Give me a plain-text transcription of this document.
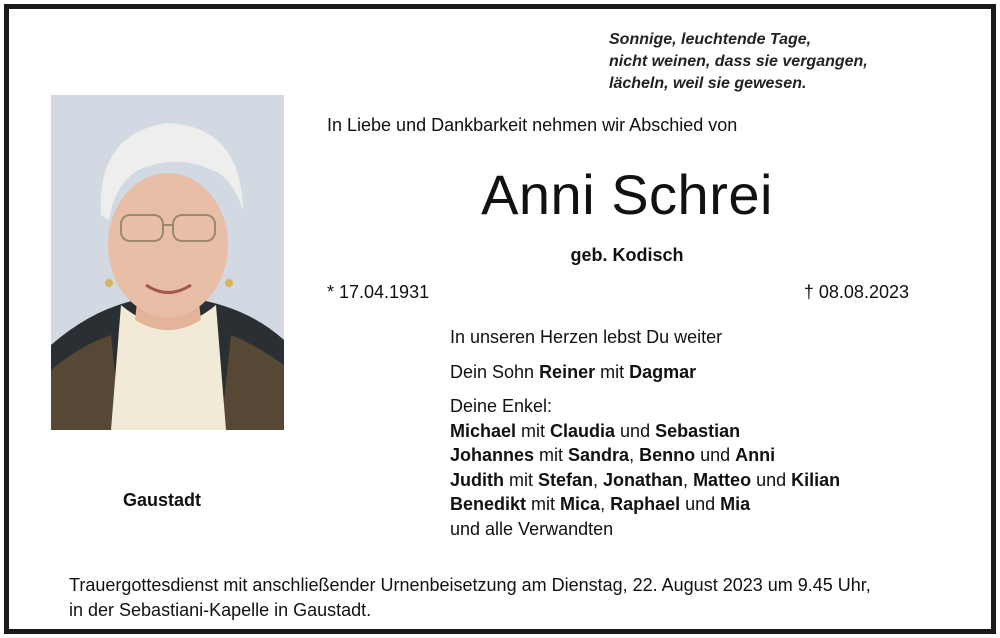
Sonnige, leuchtende Tage,
nicht weinen, dass sie vergangen,
lächeln, weil sie gewesen.

In Liebe und Dankbarkeit nehmen wir Abschied von

Anni Schrei

geb. Kodisch

* 17.04.1931	† 08.08.2023

Gaustadt

In unseren Herzen lebst Du weiter
Dein Sohn Reiner mit Dagmar
Deine Enkel:
Michael mit Claudia und Sebastian
Johannes mit Sandra, Benno und Anni
Judith mit Stefan, Jonathan, Matteo und Kilian
Benedikt mit Mica, Raphael und Mia
und alle Verwandten
Trauergottesdienst mit anschließender Urnenbeisetzung am Dienstag, 22. August 2023 um 9.45 Uhr,
in der Sebastiani-Kapelle in Gaustadt.
